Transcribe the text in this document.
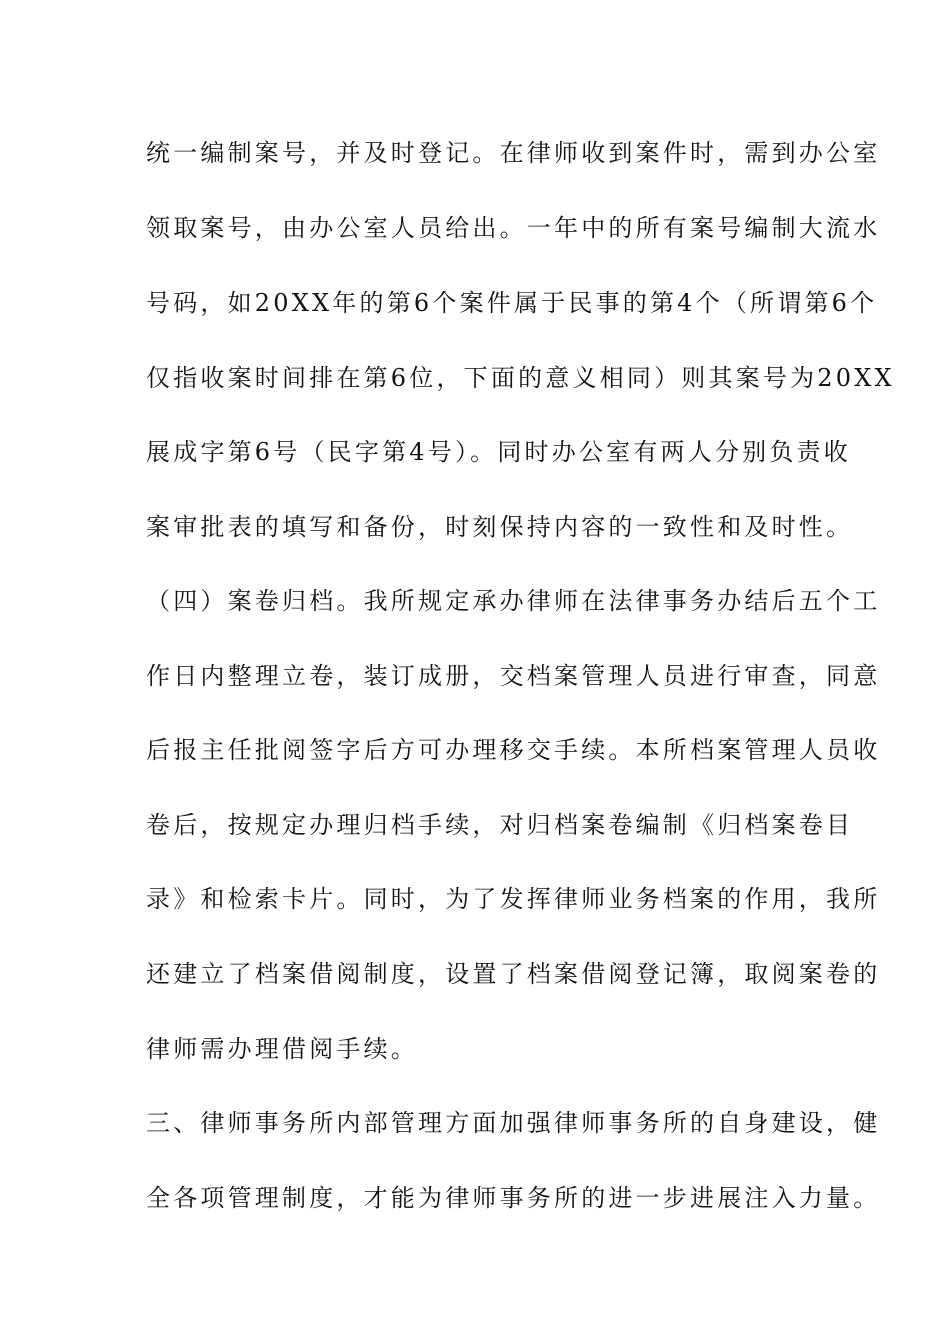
统一编制案号，并及时登记。在律师收到案件时，需到办公室
领取案号，由办公室人员给出。一年中的所有案号编制大流水
号码，如20XX年的第6个案件属于民事的第4个（所谓第6个
仅指收案时间排在第6位，下面的意义相同）则其案号为20XX
展成字第6号（民字第4号）。同时办公室有两人分别负责收
案审批表的填写和备份，时刻保持内容的一致性和及时性。
（四）案卷归档。我所规定承办律师在法律事务办结后五个工
作日内整理立卷，装订成册，交档案管理人员进行审查，同意
后报主任批阅签字后方可办理移交手续。本所档案管理人员收
卷后，按规定办理归档手续，对归档案卷编制《归档案卷目
录》和检索卡片。同时，为了发挥律师业务档案的作用，我所
还建立了档案借阅制度，设置了档案借阅登记簿，取阅案卷的
律师需办理借阅手续。
三、律师事务所内部管理方面加强律师事务所的自身建设，健
全各项管理制度，才能为律师事务所的进一步进展注入力量。
